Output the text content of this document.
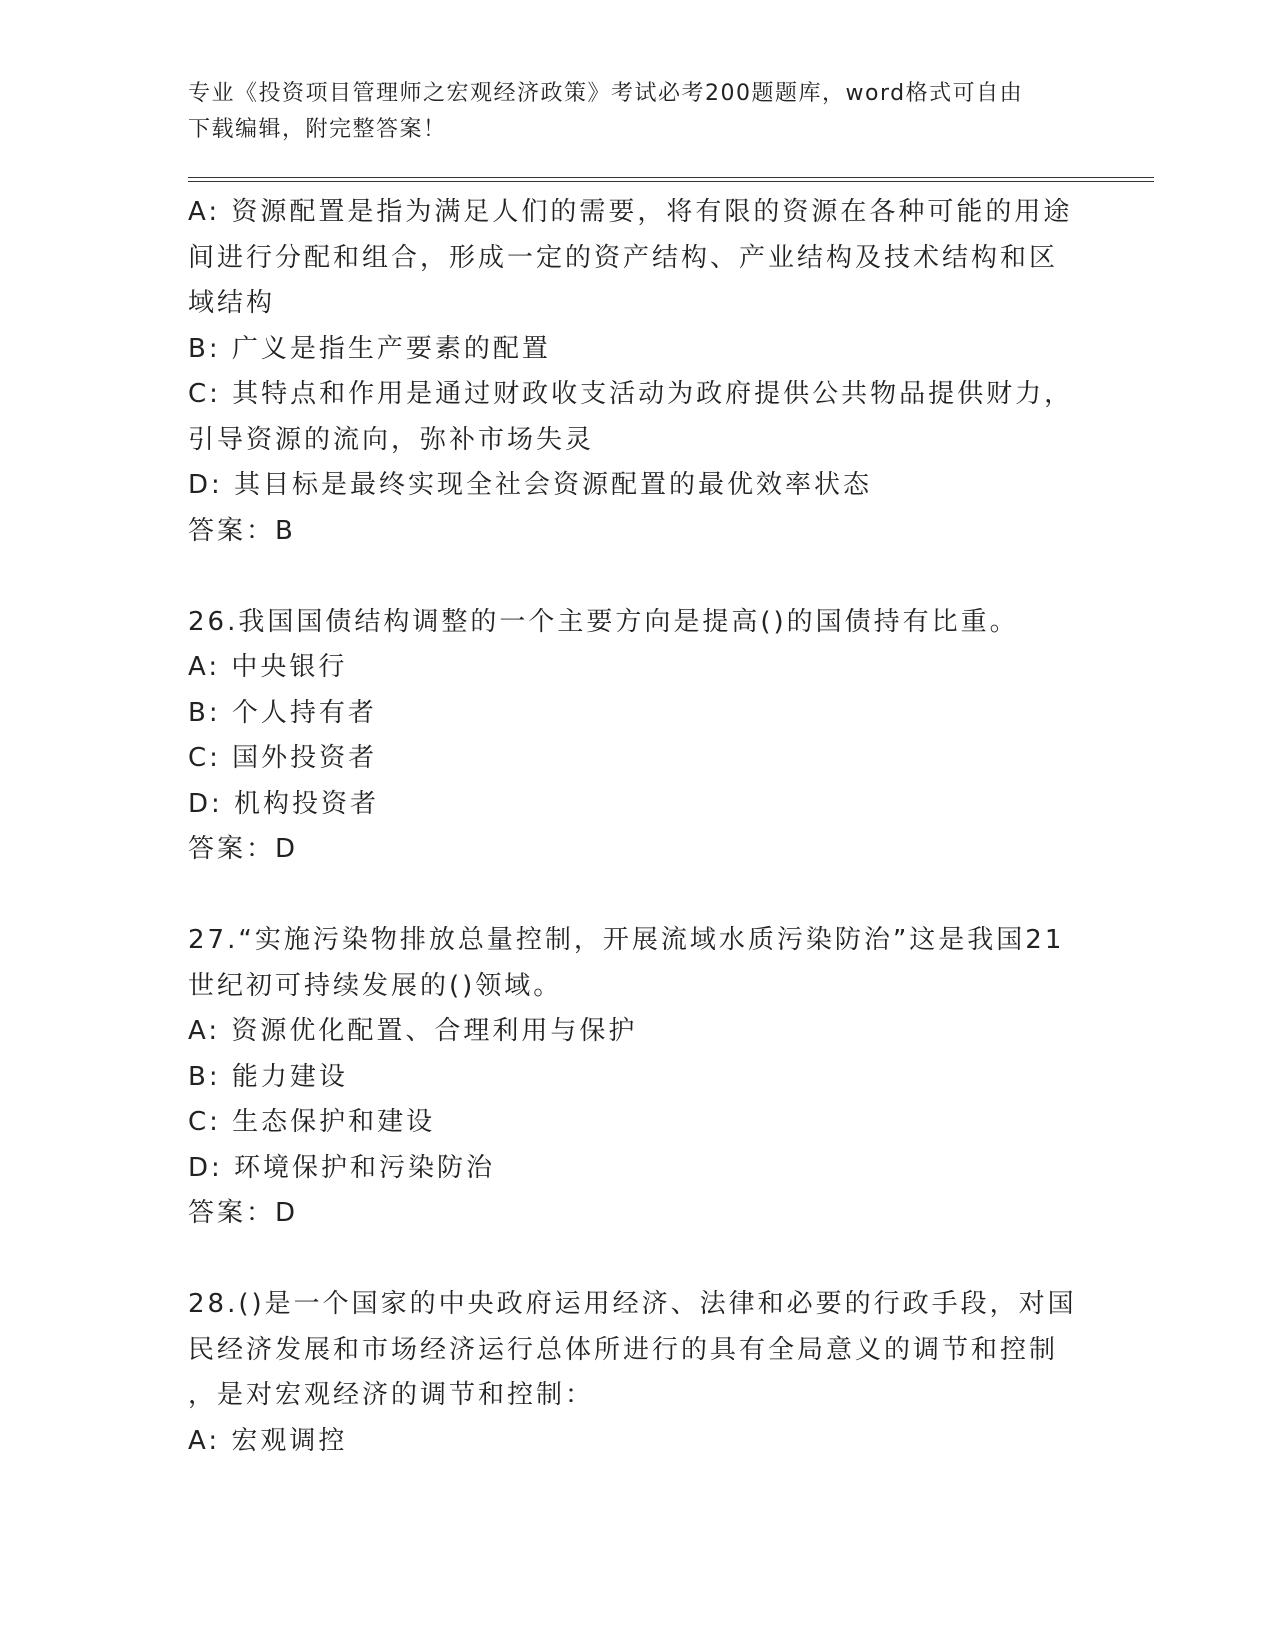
专业《投资项目管理师之宏观经济政策》考试必考200题题库，word格式可自由
下载编辑，附完整答案！
A: 资源配置是指为满足人们的需要，将有限的资源在各种可能的用途
间进行分配和组合，形成一定的资产结构、产业结构及技术结构和区
域结构
B: 广义是指生产要素的配置
C: 其特点和作用是通过财政收支活动为政府提供公共物品提供财力，
引导资源的流向，弥补市场失灵
D: 其目标是最终实现全社会资源配置的最优效率状态
答案：B
26.我国国债结构调整的一个主要方向是提高()的国债持有比重。
A: 中央银行
B: 个人持有者
C: 国外投资者
D: 机构投资者
答案：D
27.“实施污染物排放总量控制，开展流域水质污染防治”这是我国21
世纪初可持续发展的()领域。
A: 资源优化配置、合理利用与保护
B: 能力建设
C: 生态保护和建设
D: 环境保护和污染防治
答案：D
28.()是一个国家的中央政府运用经济、法律和必要的行政手段，对国
民经济发展和市场经济运行总体所进行的具有全局意义的调节和控制
，是对宏观经济的调节和控制：
A: 宏观调控
